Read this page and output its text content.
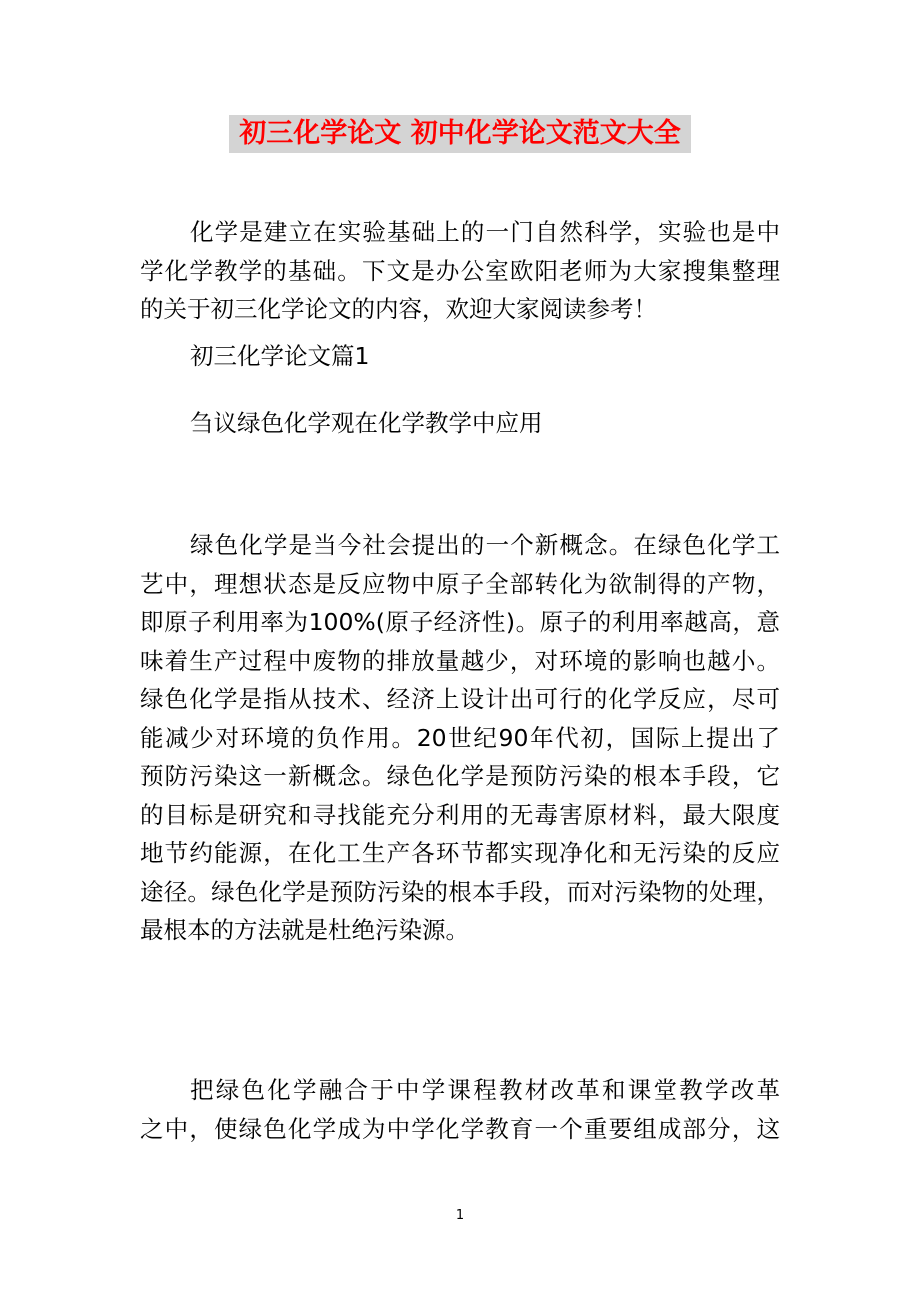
初三化学论文 初中化学论文范文大全
化学是建立在实验基础上的一门自然科学，实验也是中
学化学教学的基础。下文是办公室欧阳老师为大家搜集整理
的关于初三化学论文的内容，欢迎大家阅读参考！
初三化学论文篇1
刍议绿色化学观在化学教学中应用
绿色化学是当今社会提出的一个新概念。在绿色化学工
艺中，理想状态是反应物中原子全部转化为欲制得的产物，
即原子利用率为100%(原子经济性)。原子的利用率越高，意
味着生产过程中废物的排放量越少，对环境的影响也越小。
绿色化学是指从技术、经济上设计出可行的化学反应，尽可
能减少对环境的负作用。20世纪90年代初，国际上提出了
预防污染这一新概念。绿色化学是预防污染的根本手段，它
的目标是研究和寻找能充分利用的无毒害原材料，最大限度
地节约能源，在化工生产各环节都实现净化和无污染的反应
途径。绿色化学是预防污染的根本手段，而对污染物的处理，
最根本的方法就是杜绝污染源。
把绿色化学融合于中学课程教材改革和课堂教学改革
之中，使绿色化学成为中学化学教育一个重要组成部分，这
1
